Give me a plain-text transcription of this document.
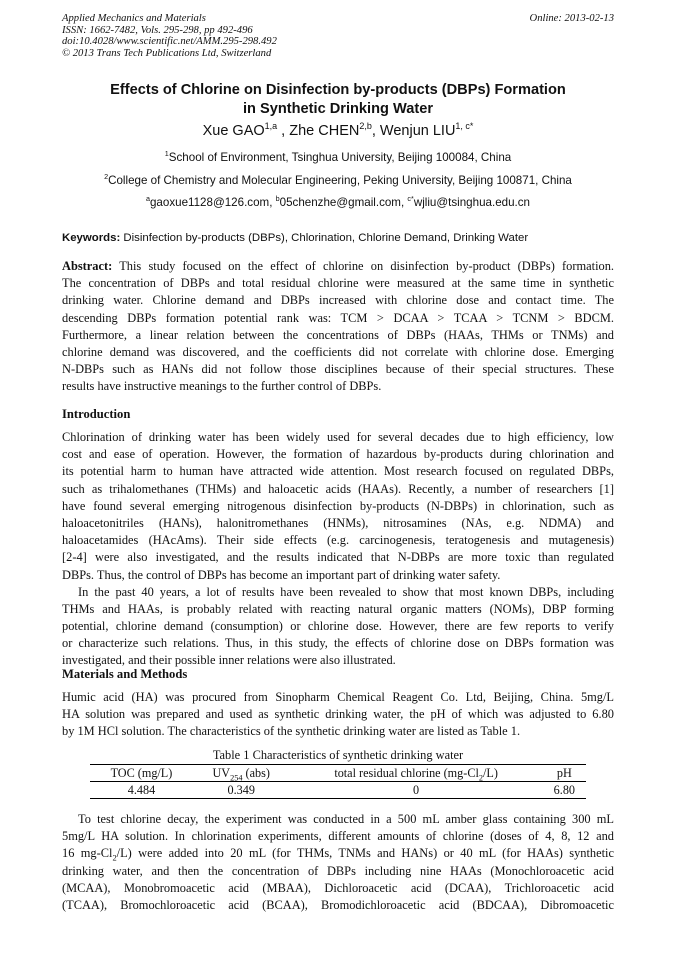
Applied Mechanics and Materials
ISSN: 1662-7482, Vols. 295-298, pp 492-496
doi:10.4028/www.scientific.net/AMM.295-298.492
© 2013 Trans Tech Publications Ltd, Switzerland
Online: 2013-02-13
Effects of Chlorine on Disinfection by-products (DBPs) Formation
in Synthetic Drinking Water
Xue GAO$^{1,a}$ , Zhe CHEN$^{2,b}$, Wenjun $LIU^{1, c*}$
$^1$School of Environment, Tsinghua University, Beijing 100084, China
$^2$College of Chemistry and Molecular Engineering, Peking University, Beijing 100871, China
$^a$gaoxue1128@126.com, $^b$05chenzhe@gmail.com, $^{c*}$wjliu@tsinghua.edu.cn
Keywords: Disinfection by-products (DBPs), Chlorination, Chlorine Demand, Drinking Water
Abstract: This study focused on the effect of chlorine on disinfection by-product (DBPs) formation.
The concentration of DBPs and total residual chlorine were measured at the same time in synthetic
drinking water. Chlorine demand and DBPs increased with chlorine dose and contact time. The
descending DBPs formation potential rank was: TCM > DCAA > TCAA > TCNM > BDCM.
Furthermore, a linear relation between the concentrations of DBPs (HAAs, THMs or TNMs) and
chlorine demand was discovered, and the coefficients did not correlate with chlorine dose. Emerging
N-DBPs such as HANs did not follow those disciplines because of their special structures. These
results have instructive meanings to the further control of DBPs.
Introduction
Chlorination of drinking water has been widely used for several decades due to high efficiency, low
cost and ease of operation. However, the formation of hazardous by-products during chlorination and
its potential harm to human have attracted wide attention. Most research focused on regulated DBPs,
such as trihalomethanes (THMs) and haloacetic acids (HAAs). Recently, a number of researchers [1]
have found several emerging nitrogenous disinfection by-products (N-DBPs) in chlorination, such as
haloacetonitriles (HANs), halonitromethanes (HNMs), nitrosamines (NAs, e.g. NDMA) and
haloacetamides (HAcAms). Their side effects (e.g. carcinogenesis, teratogenesis and mutagenesis)
[2-4] were also investigated, and the results indicated that N-DBPs are more toxic than regulated
DBPs. Thus, the control of DBPs has become an important part of drinking water safety.
In the past 40 years, a lot of results have been revealed to show that most known DBPs, including
THMs and HAAs, is probably related with reacting natural organic matters (NOMs), DBP forming
potential, chlorine demand (consumption) or chlorine dose. However, there are few reports to verify
or characterize such relations. Thus, in this study, the effects of chlorine dose on DBPs formation was
investigated, and their possible inner relations were also illustrated.
Materials and Methods
Humic acid (HA) was procured from Sinopharm Chemical Reagent Co. Ltd, Beijing, China. 5mg/L
HA solution was prepared and used as synthetic drinking water, the pH of which was adjusted to 6.80
by 1M HCl solution. The characteristics of the synthetic drinking water are listed as Table 1.
Table 1 Characteristics of synthetic drinking water
TOC (mg/L)	$UV_{254}$ (abs)	total residual chlorine $(mg-Cl_2/L)$	pH
4.484	0.349	0	6.80
To test chlorine decay, the experiment was conducted in a 500 mL amber glass containing 300 mL
5mg/L HA solution. In chlorination experiments, different amounts of chlorine (doses of 4, 8, 12 and
16 $mg-Cl_2/L$) were added into 20 mL (for THMs, TNMs and HANs) or 40 mL (for HAAs) synthetic
drinking water, and then the concentration of DBPs including nine HAAs (Monochloroacetic acid
(MCAA), Monobromoacetic acid (MBAA), Dichloroacetic acid (DCAA), Trichloroacetic acid
(TCAA), Bromochloroacetic acid (BCAA), Bromodichloroacetic acid (BDCAA), Dibromoacetic
